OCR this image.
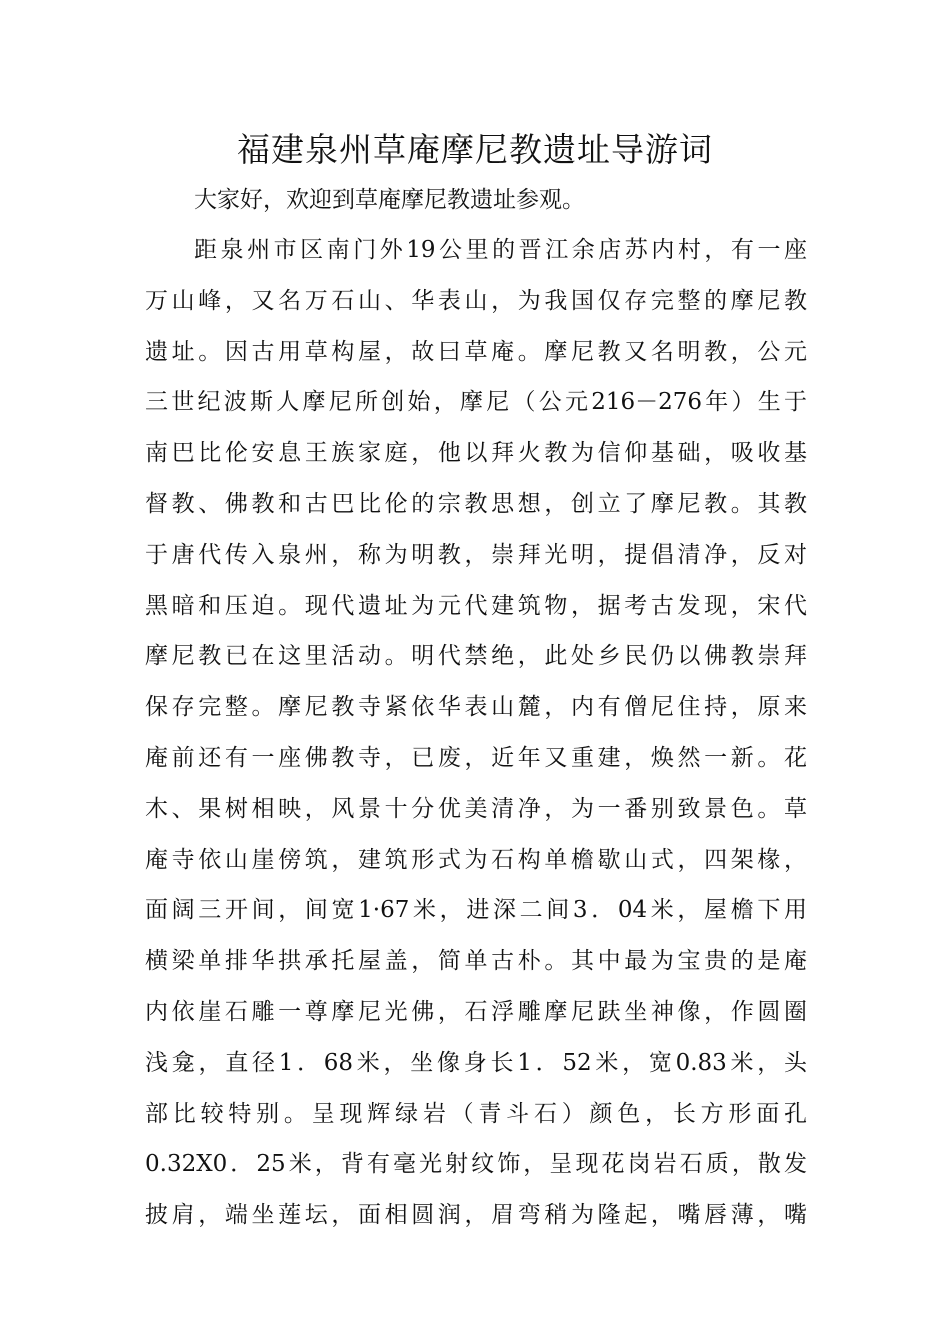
福建泉州草庵摩尼教遗址导游词
大家好，欢迎到草庵摩尼教遗址参观。
距泉州市区南门外19公里的晋江余店苏内村，有一座
万山峰，又名万石山、华表山，为我国仅存完整的摩尼教
遗址。因古用草构屋，故曰草庵。摩尼教又名明教，公元
三世纪波斯人摩尼所创始，摩尼（公元216－276年）生于
南巴比伦安息王族家庭，他以拜火教为信仰基础，吸收基
督教、佛教和古巴比伦的宗教思想，创立了摩尼教。其教
于唐代传入泉州，称为明教，崇拜光明，提倡清净，反对
黑暗和压迫。现代遗址为元代建筑物，据考古发现，宋代
摩尼教已在这里活动。明代禁绝，此处乡民仍以佛教崇拜
保存完整。摩尼教寺紧依华表山麓，内有僧尼住持，原来
庵前还有一座佛教寺，已废，近年又重建，焕然一新。花
木、果树相映，风景十分优美清净，为一番别致景色。草
庵寺依山崖傍筑，建筑形式为石构单檐歇山式，四架椽，
面阔三开间，间宽1·67米，进深二间3．04米，屋檐下用
横梁单排华拱承托屋盖，简单古朴。其中最为宝贵的是庵
内依崖石雕一尊摩尼光佛，石浮雕摩尼趺坐神像，作圆圈
浅龛，直径1．68米，坐像身长1．52米，宽0.83米，头
部比较特别。呈现辉绿岩（青斗石）颜色，长方形面孔
0.32X0．25米，背有毫光射纹饰，呈现花岗岩石质，散发
披肩，端坐莲坛，面相圆润，眉弯稍为隆起，嘴唇薄，嘴
